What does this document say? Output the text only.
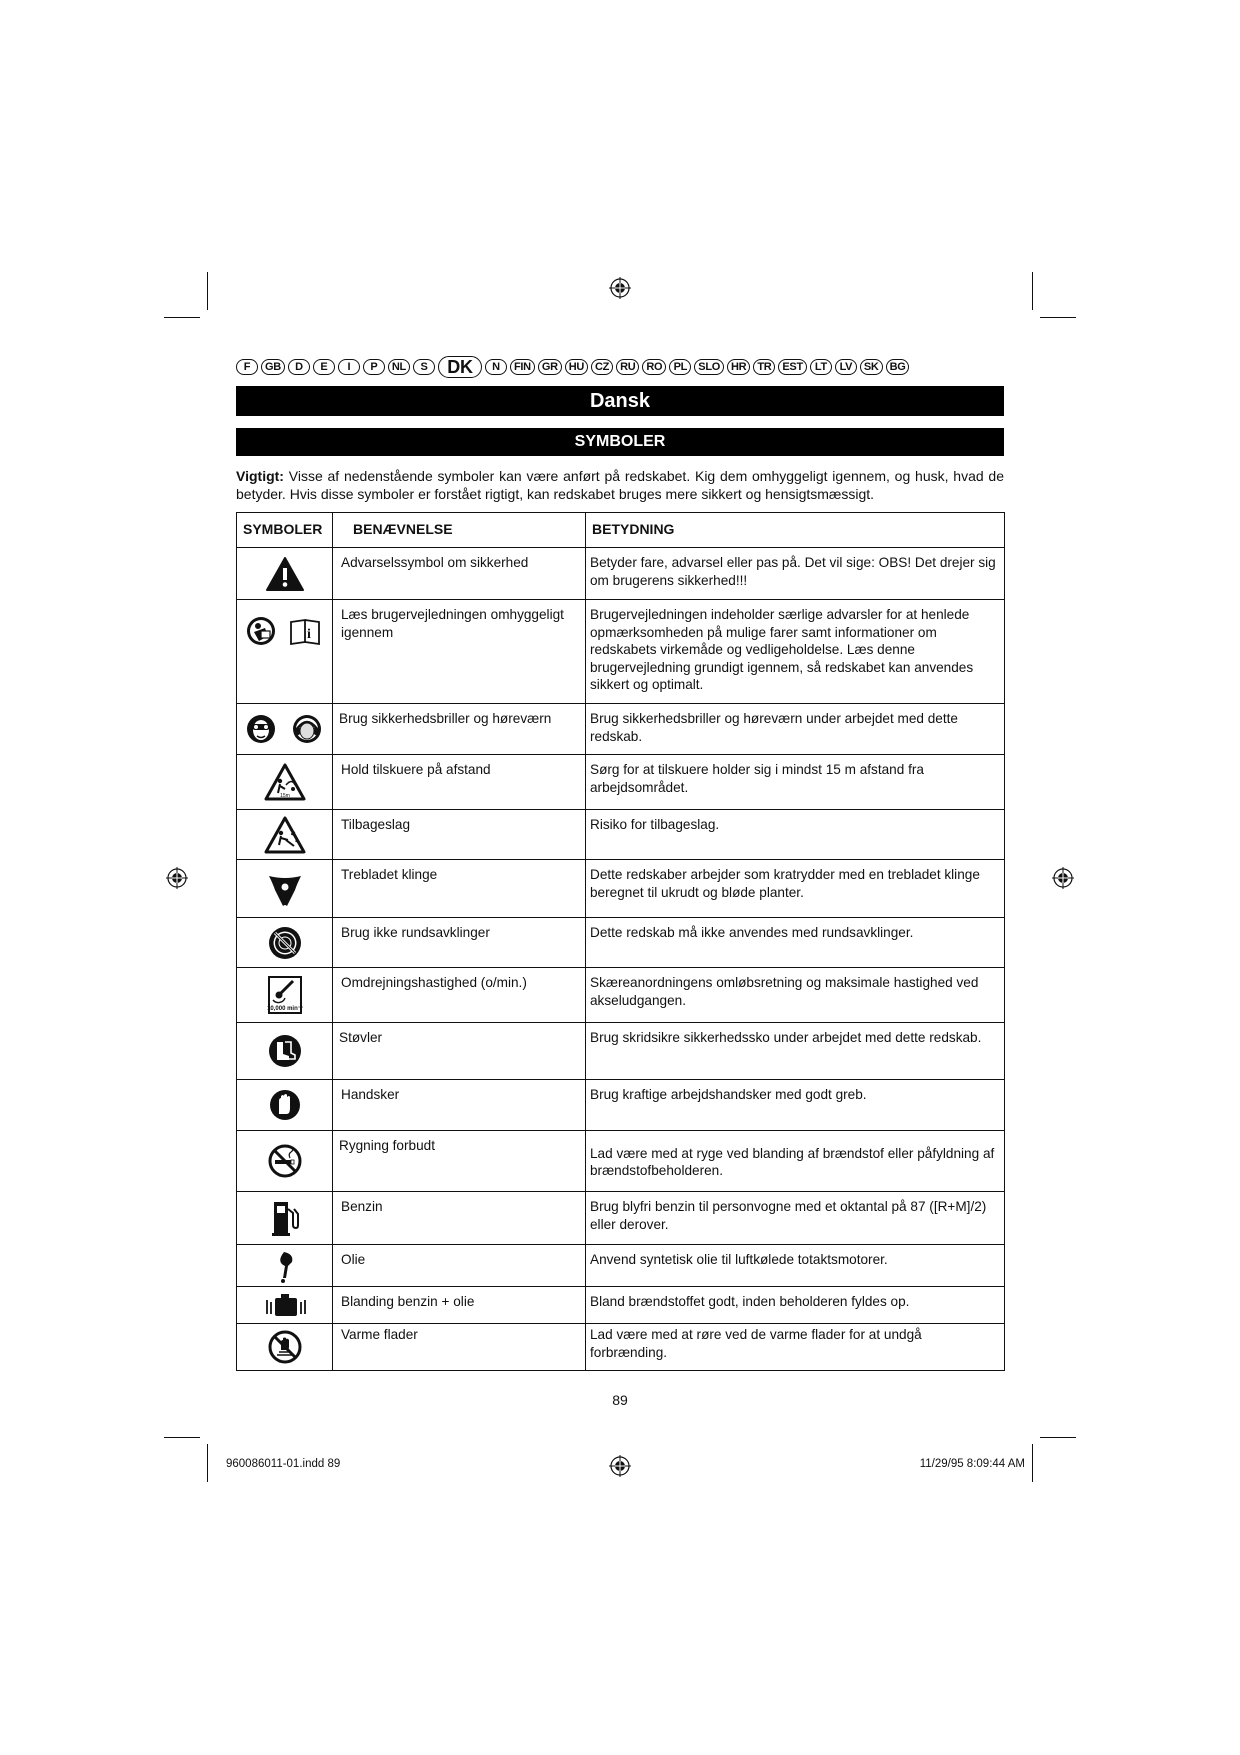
F	GB	D	E	I	P	NL	S	DK	N	FIN	GR	HU	CZ	RU	RO	PL	SLO	HR	TR	EST	LT	LV	SK	BG
Dansk
SYMBOLER
Vigtigt: Visse af nedenstående symboler kan være anført på redskabet. Kig dem omhyggeligt igennem, og husk, hvad de betyder. Hvis disse symboler er forstået rigtigt, kan redskabet bruges mere sikkert og hensigtsmæssigt.
SYMBOLER	BENÆVNELSE	BETYDNING
	Advarselssymbol om sikkerhed	Betyder fare, advarsel eller pas på. Det vil sige: OBS! Det drejer sig om brugerens sikkerhed!!!

i	Læs brugervejledningen omhyggeligt igennem	Brugervejledningen indeholder særlige advarsler for at henlede opmærksomheden på mulige farer samt informationer om redskabets virkemåde og vedligeholdelse. Læs denne brugervejledning grundigt igennem, så redskabet kan anvendes sikkert og optimalt.
	Brug sikkerhedsbriller og høreværn	Brug sikkerhedsbriller og høreværn under arbejdet med dette redskab.

15m	Hold tilskuere på afstand	Sørg for at tilskuere holder sig i mindst 15 m afstand fra arbejdsområdet.
	Tilbageslag	Risiko for tilbageslag.
	Trebladet klinge	Dette redskaber arbejder som kratrydder med en trebladet klinge beregnet til ukrudt og bløde planter.
	Brug ikke rundsavklinger	Dette redskab må ikke anvendes med rundsavklinger.

10,000 min⁻¹	Omdrejningshastighed (o/min.)	Skæreanordningens omløbsretning og maksimale hastighed ved akseludgangen.
	Støvler	Brug skridsikre sikkerhedssko under arbejdet med dette redskab.
	Handsker	Brug kraftige arbejdshandsker med godt greb.
	Rygning forbudt	Lad være med at ryge ved blanding af brændstof eller påfyldning af brændstofbeholderen.
	Benzin	Brug blyfri benzin til personvogne med et oktantal på 87 ([R+M]/2) eller derover.
	Olie	Anvend syntetisk olie til luftkølede totaktsmotorer.
	Blanding benzin + olie	Bland brændstoffet godt, inden beholderen fyldes op.
	Varme flader	Lad være med at røre ved de varme flader for at undgå forbrænding.
89
960086011-01.indd 89	11/29/95 8:09:44 AM
